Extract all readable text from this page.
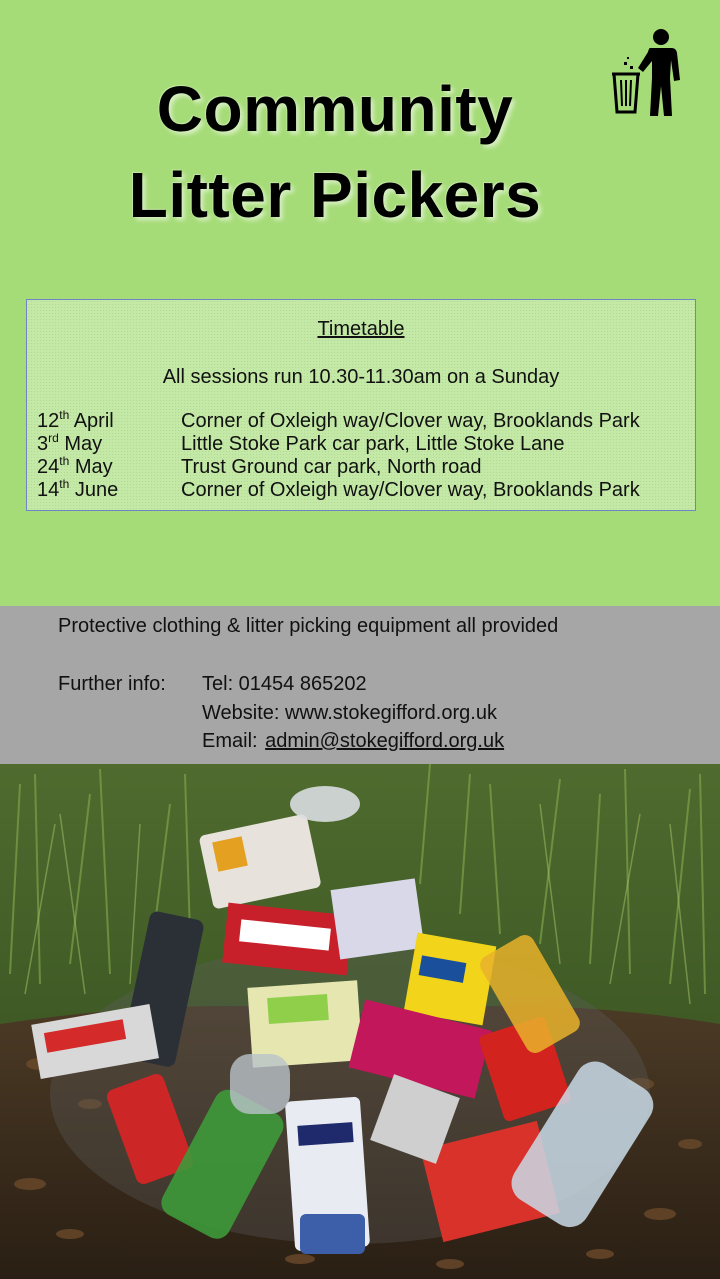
Community
Litter Pickers
Timetable
All sessions run 10.30-11.30am on a Sunday
12th April	Corner of Oxleigh way/Clover way, Brooklands Park
3rd May	Little Stoke Park car park, Little Stoke Lane
24th May	Trust Ground car park, North road
14th June	Corner of Oxleigh way/Clover way, Brooklands Park
Protective clothing & litter picking equipment all provided
Further info: Tel: 01454 865202
Website: www.stokegifford.org.uk
Email: admin@stokegifford.org.uk
